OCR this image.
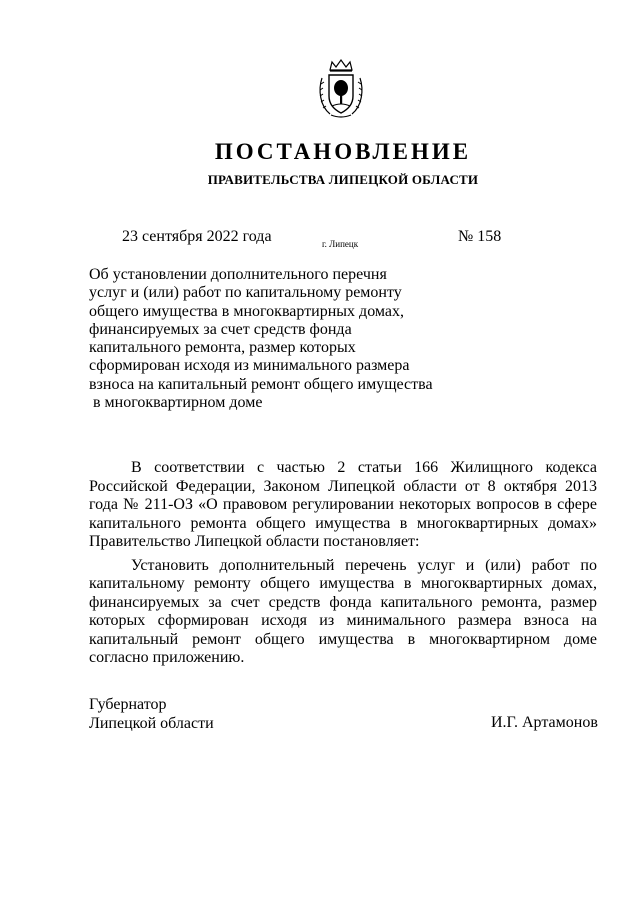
ПОСТАНОВЛЕНИЕ
ПРАВИТЕЛЬСТВА ЛИПЕЦКОЙ ОБЛАСТИ
23 сентября 2022 года	г. Липецк	№ 158
Об установлении дополнительного перечня
услуг и (или) работ по капитальному ремонту
общего имущества в многоквартирных домах,
финансируемых за счет средств фонда
капитального ремонта, размер которых
сформирован исходя из минимального размера
взноса на капитальный ремонт общего имущества
в многоквартирном доме

В соответствии с частью 2 статьи 166 Жилищного кодекса Российской Федерации, Законом Липецкой области от 8 октября 2013 года № 211-ОЗ «О правовом регулировании некоторых вопросов в сфере капитального ремонта общего имущества в многоквартирных домах» Правительство Липецкой области постановляет:

Установить дополнительный перечень услуг и (или) работ по капитальному ремонту общего имущества в многоквартирных домах, финансируемых за счет средств фонда капитального ремонта, размер которых сформирован исходя из минимального размера взноса на капитальный ремонт общего имущества в многоквартирном доме согласно приложению.

Губернатор
Липецкой области	И.Г. Артамонов
